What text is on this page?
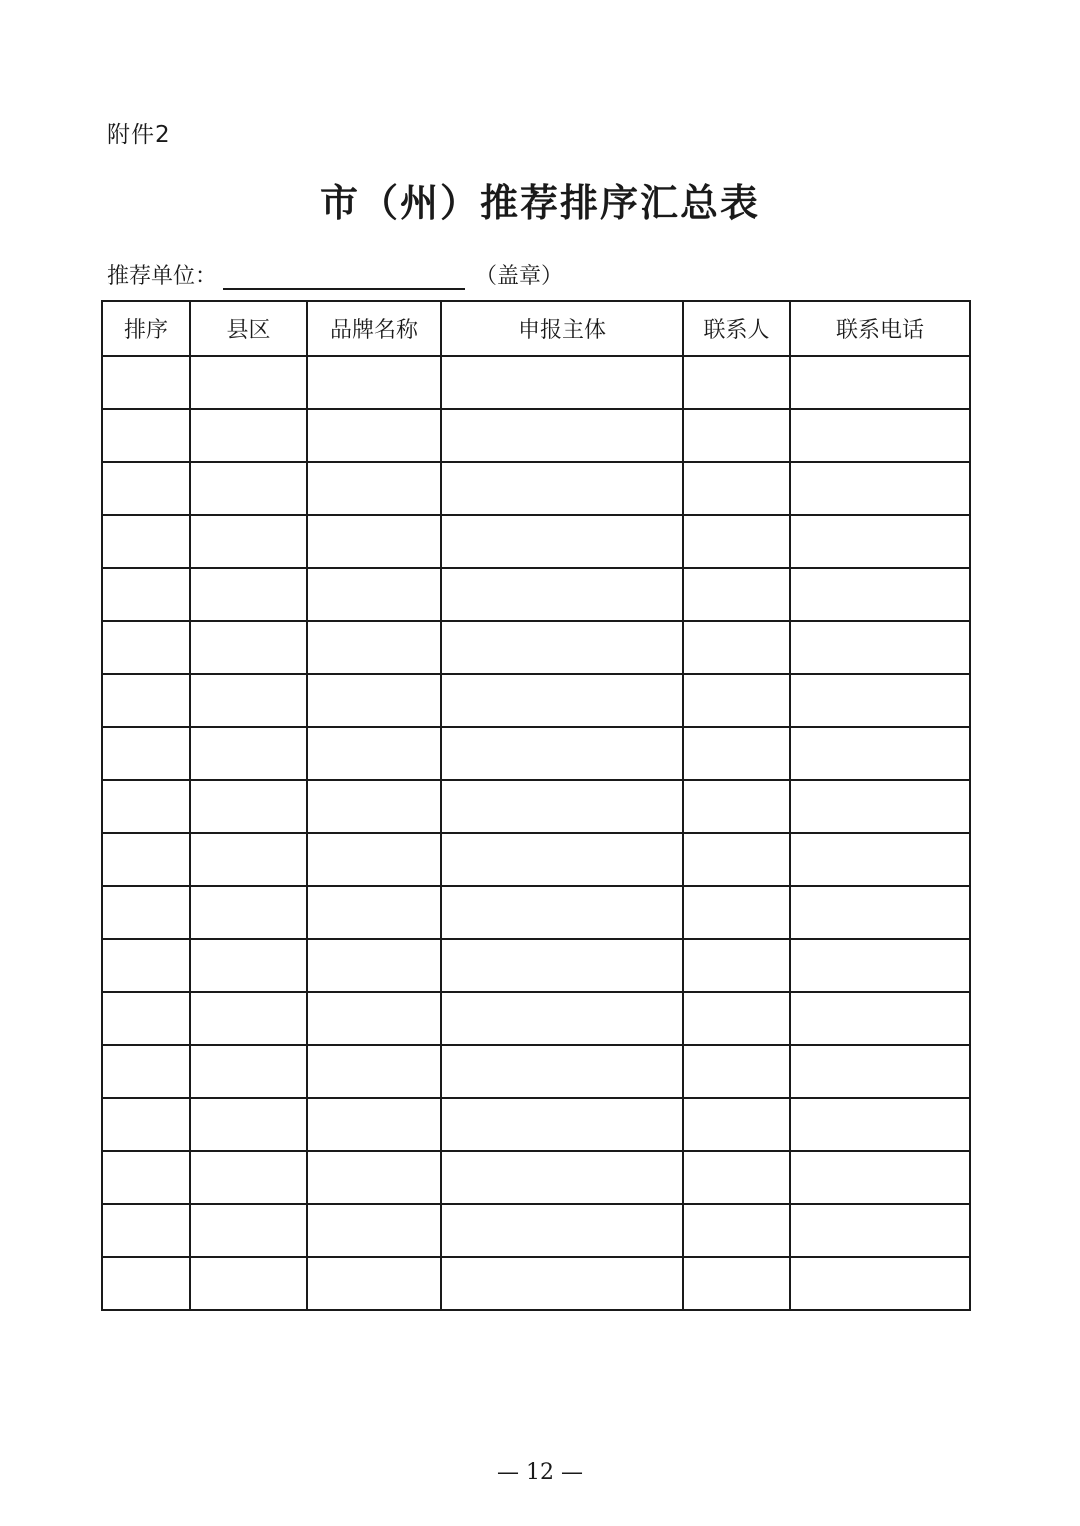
附件2
市（州）推荐排序汇总表
推荐单位：	（盖章）
排序	县区	品牌名称	申报主体	联系人	联系电话

— 12 —
